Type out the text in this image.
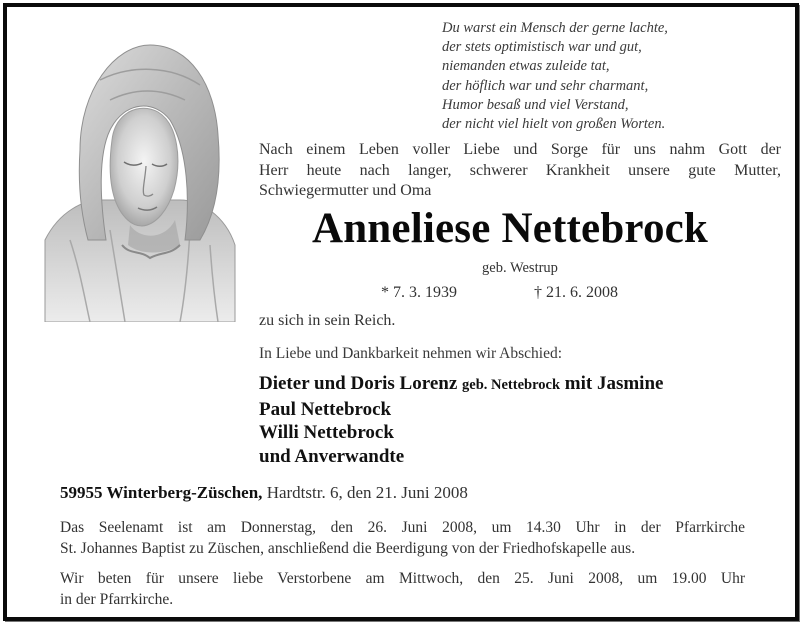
Du warst ein Mensch der gerne lachte,
der stets optimistisch war und gut,
niemanden etwas zuleide tat,
der höflich war und sehr charmant,
Humor besaß und viel Verstand,
der nicht viel hielt von großen Worten.
Nach einem Leben voller Liebe und Sorge für uns nahm Gott der
Herr heute nach langer, schwerer Krankheit unsere gute Mutter,
Schwiegermutter und Oma
Anneliese Nettebrock
geb. Westrup
* 7. 3. 1939	† 21. 6. 2008
zu sich in sein Reich.
In Liebe und Dankbarkeit nehmen wir Abschied:
Dieter und Doris Lorenz geb. Nettebrock mit Jasmine
Paul Nettebrock
Willi Nettebrock
und Anverwandte
59955 Winterberg-Züschen, Hardtstr. 6, den 21. Juni 2008
Das Seelenamt ist am Donnerstag, den 26. Juni 2008, um 14.30 Uhr in der Pfarrkirche
St. Johannes Baptist zu Züschen, anschließend die Beerdigung von der Friedhofskapelle aus.
Wir beten für unsere liebe Verstorbene am Mittwoch, den 25. Juni 2008, um 19.00 Uhr
in der Pfarrkirche.
